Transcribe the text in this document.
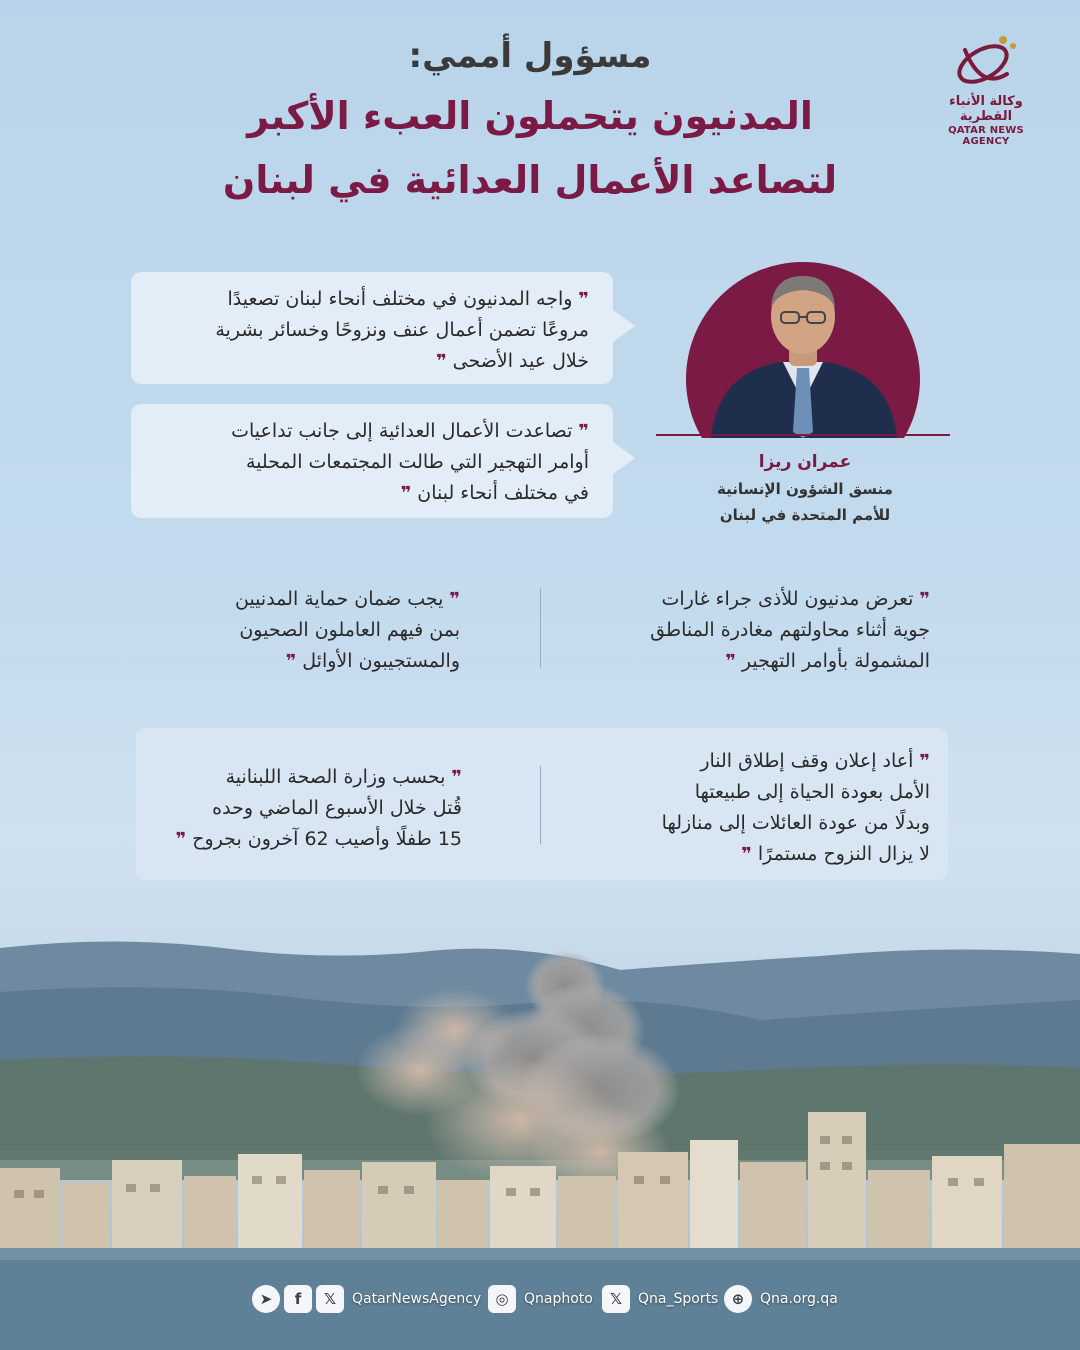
وكالة الأنباء القطرية
QATAR NEWS AGENCY
مسؤول أممي:
المدنيون يتحملون العبء الأكبر
لتصاعد الأعمال العدائية في لبنان
عمران ريزا
منسق الشؤون الإنسانية
للأمم المتحدة في لبنان
❞واجه المدنيون في مختلف أنحاء لبنان تصعيدًا
مروعًا تضمن أعمال عنف ونزوحًا وخسائر بشرية
خلال عيد الأضحى❞
❞تصاعدت الأعمال العدائية إلى جانب تداعيات
أوامر التهجير التي طالت المجتمعات المحلية
في مختلف أنحاء لبنان❞
❞تعرض مدنيون للأذى جراء غارات
جوية أثناء محاولتهم مغادرة المناطق
المشمولة بأوامر التهجير❞
❞يجب ضمان حماية المدنيين
بمن فيهم العاملون الصحيون
والمستجيبون الأوائل❞
❞أعاد إعلان وقف إطلاق النار
الأمل بعودة الحياة إلى طبيعتها
وبدلًا من عودة العائلات إلى منازلها
لا يزال النزوح مستمرًا❞
❞بحسب وزارة الصحة اللبنانية
قُتل خلال الأسبوع الماضي وحده
15 طفلًا وأصيب 62 آخرون بجروح❞
➤	f	𝕏	QatarNewsAgency ◎	Qnaphoto	𝕏	Qna_Sports ⊕	Qna.org.qa
